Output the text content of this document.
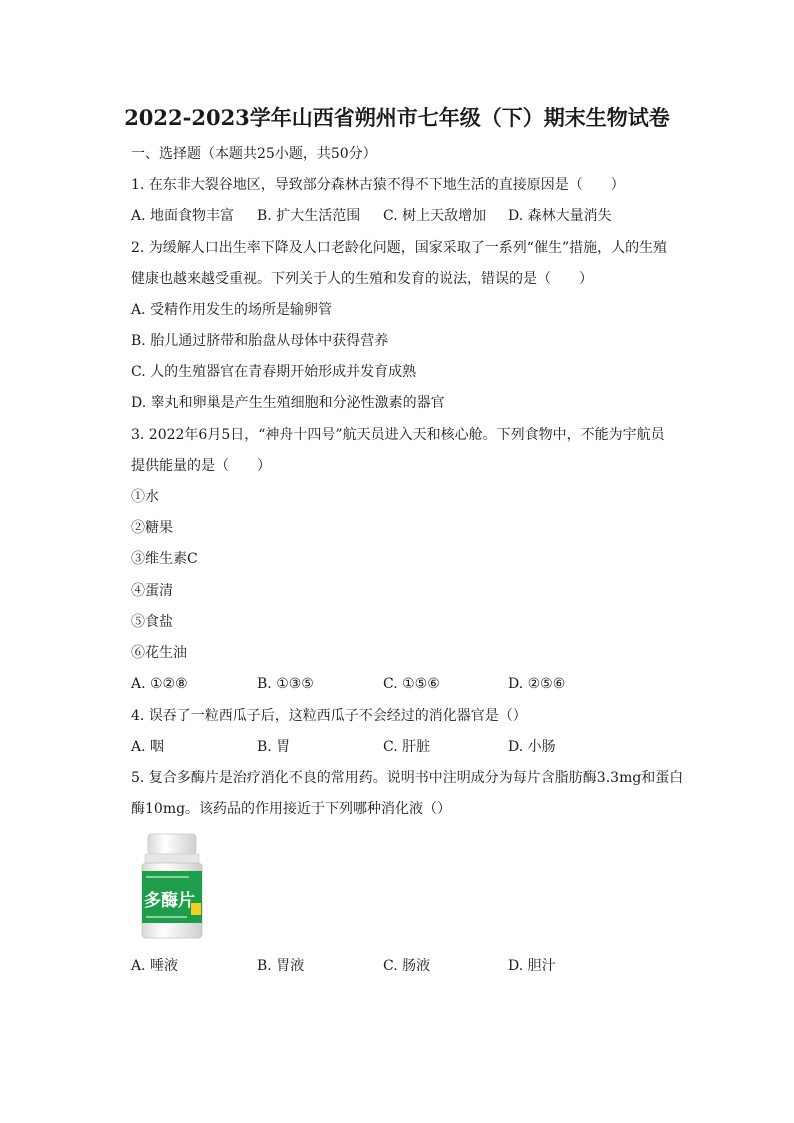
2022-2023学年山西省朔州市七年级（下）期末生物试卷
一、选择题（本题共25小题，共50分）
1. 在东非大裂谷地区，导致部分森林古猿不得不下地生活的直接原因是（　　）
A. 地面食物丰富 B. 扩大生活范围 C. 树上天敌增加 D. 森林大量消失
2. 为缓解人口出生率下降及人口老龄化问题，国家采取了一系列“催生”措施，人的生殖
健康也越来越受重视。下列关于人的生殖和发育的说法，错误的是（　　）
A. 受精作用发生的场所是输卵管
B. 胎儿通过脐带和胎盘从母体中获得营养
C. 人的生殖器官在青春期开始形成并发育成熟
D. 睾丸和卵巢是产生生殖细胞和分泌性激素的器官
3. 2022年6月5日，“神舟十四号”航天员进入天和核心舱。下列食物中，不能为宇航员
提供能量的是（　　）
①水
②糖果
③维生素C
④蛋清
⑤食盐
⑥花生油
A. ①②⑧	B. ①③⑤	C. ①⑤⑥	D. ②⑤⑥
4. 误吞了一粒西瓜子后，这粒西瓜子不会经过的消化器官是（）
A. 咽	B. 胃	C. 肝脏	D. 小肠
5. 复合多酶片是治疗消化不良的常用药。说明书中注明成分为每片含脂肪酶3.3mg和蛋白
酶10mg。该药品的作用接近于下列哪种消化液（）
多酶片
A. 唾液	B. 胃液	C. 肠液	D. 胆汁
